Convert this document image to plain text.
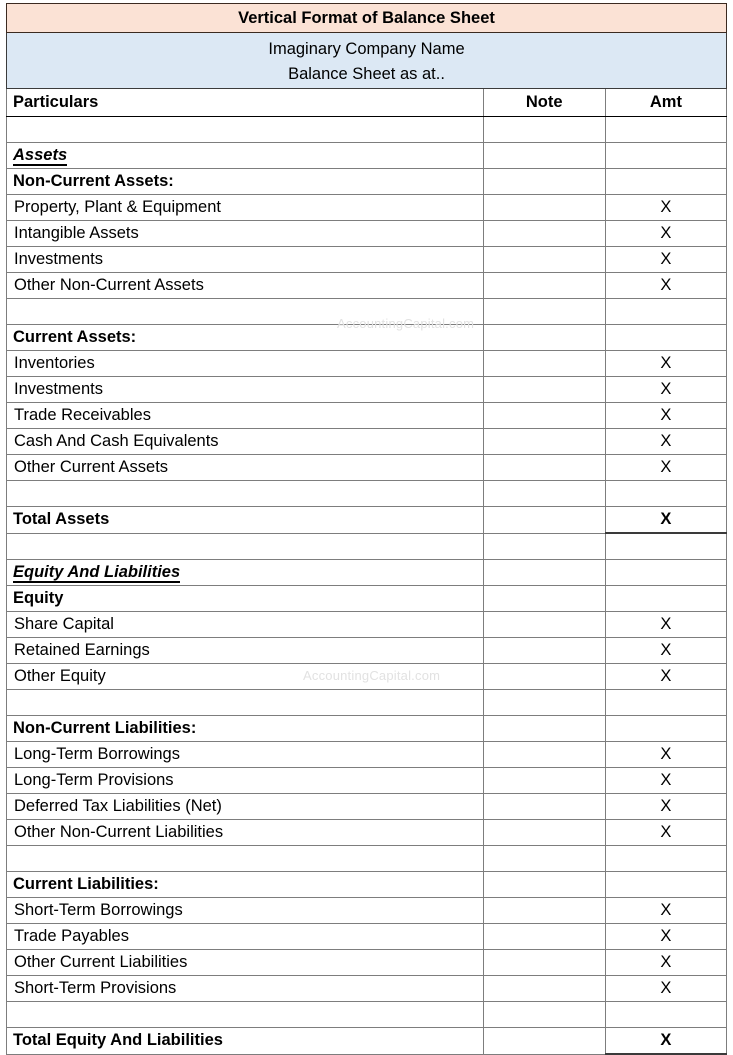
Vertical Format of Balance Sheet		

Imaginary Company Name
Balance Sheet as at..		

Particulars	Note	Amt

Assets		
Non-Current Assets:		
Property, Plant & Equipment		X
Intangible Assets		X
Investments		X
Other Non-Current Assets		X

Current Assets:		
Inventories		X
Investments		X
Trade Receivables		X
Cash And Cash Equivalents		X
Other Current Assets		X

Total Assets		X

Equity And Liabilities		
Equity		
Share Capital		X
Retained Earnings		X
Other Equity		X

Non-Current Liabilities:		
Long-Term Borrowings		X
Long-Term Provisions		X
Deferred Tax Liabilities (Net)		X
Other Non-Current Liabilities		X

Current Liabilities:		
Short-Term Borrowings		X
Trade Payables		X
Other Current Liabilities		X
Short-Term Provisions		X

Total Equity And Liabilities		X
AccountingCapital.com
AccountingCapital.com
